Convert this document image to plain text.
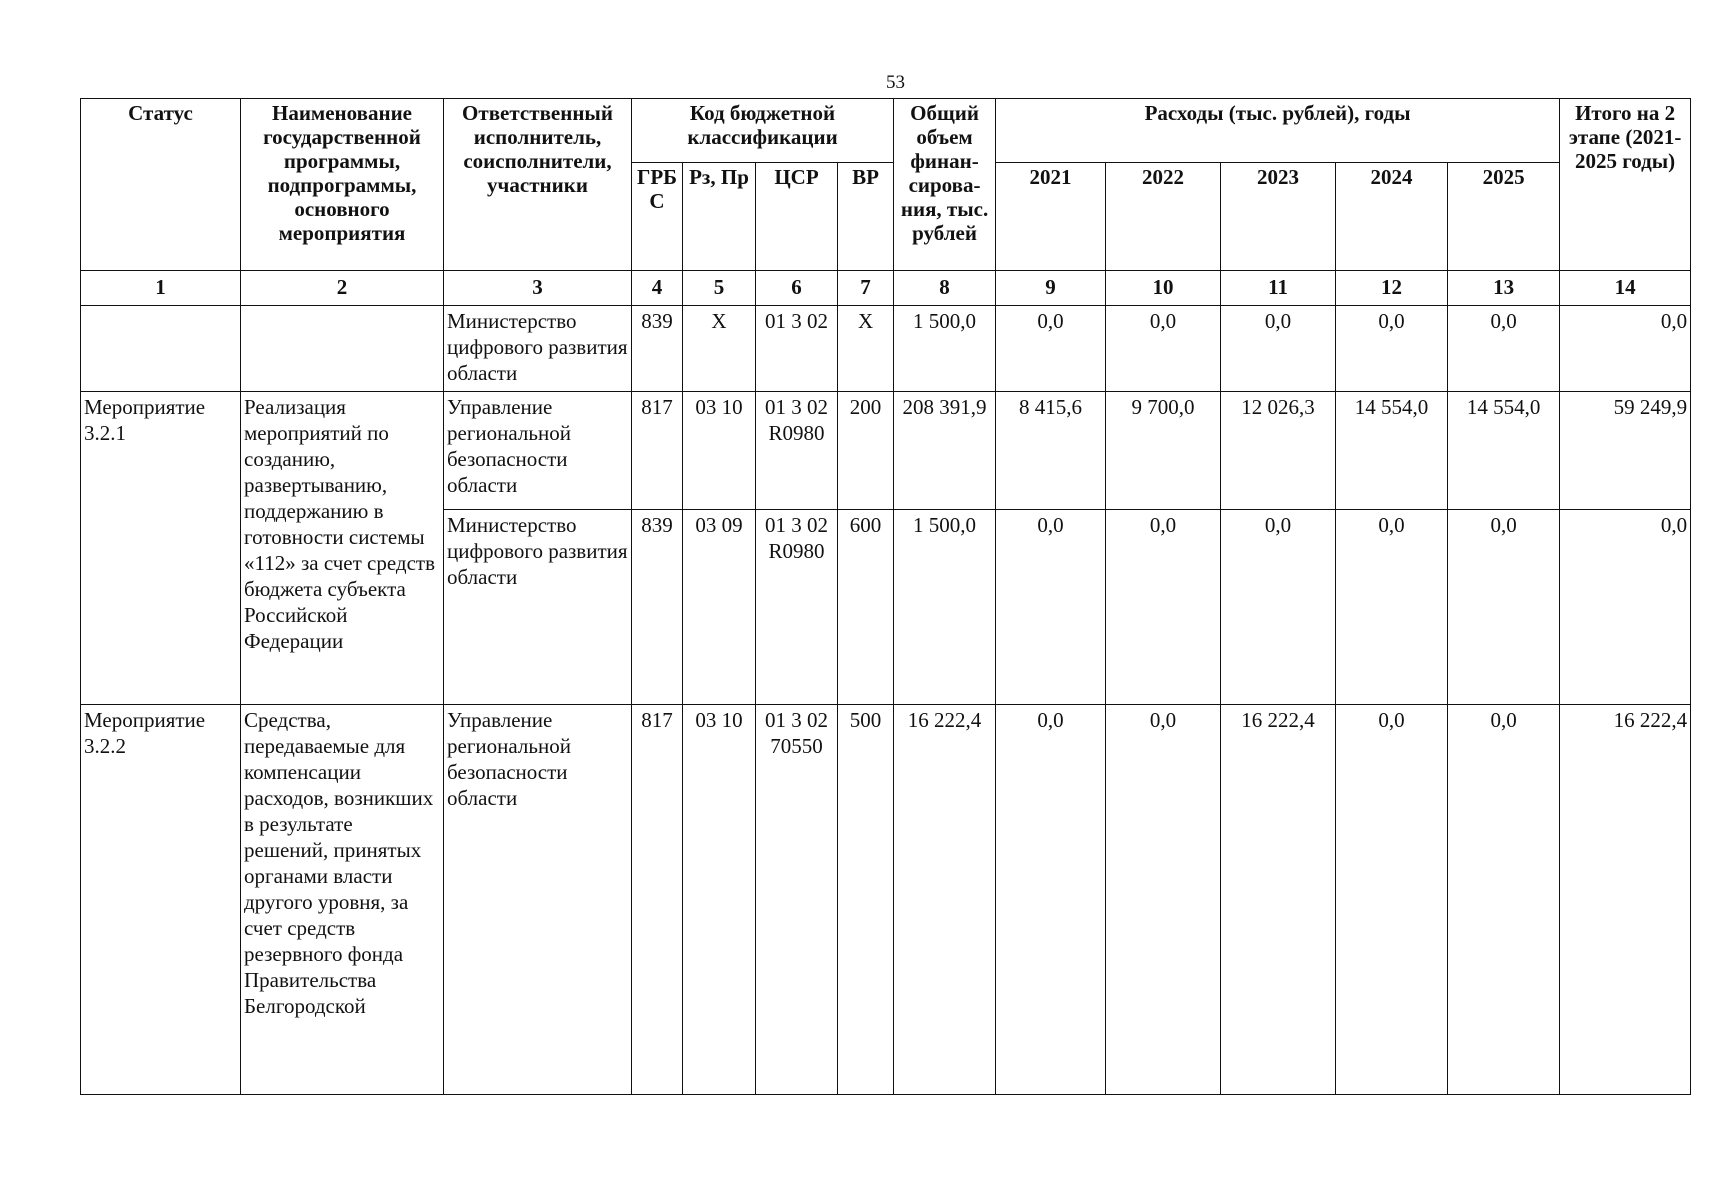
53
Статус	Наименование государственной программы, подпрограммы, основного мероприятия	Ответственный исполнитель, соисполнители, участники	Код бюджетной классификации				Общий объем финан-сирова-ния, тыс. рублей	Расходы (тыс. рублей), годы					Итого на 2 этапе (2021-2025 годы)
			ГРБ С	Рз, Пр	ЦСР	ВР		2021	2022	2023	2024	2025	
1	2	3	4	5	6	7	8	9	10	11	12	13	14
		Министерство цифрового развития области	839	Х	01 3 02	Х	1 500,0	0,0	0,0	0,0	0,0	0,0	0,0
Мероприятие 3.2.1	Реализация мероприятий по созданию, развертыванию, поддержанию в готовности системы «112» за счет средств бюджета субъекта Российской Федерации	Управление региональной безопасности области	817	03 10	01 3 02 R0980	200	208 391,9	8 415,6	9 700,0	12 026,3	14 554,0	14 554,0	59 249,9
		Министерство цифрового развития области	839	03 09	01 3 02 R0980	600	1 500,0	0,0	0,0	0,0	0,0	0,0	0,0
Мероприятие 3.2.2	Средства, передаваемые для компенсации расходов, возникших в результате решений, принятых органами власти другого уровня, за счет средств резервного фонда Правительства Белгородской	Управление региональной безопасности области	817	03 10	01 3 02 70550	500	16 222,4	0,0	0,0	16 222,4	0,0	0,0	16 222,4
